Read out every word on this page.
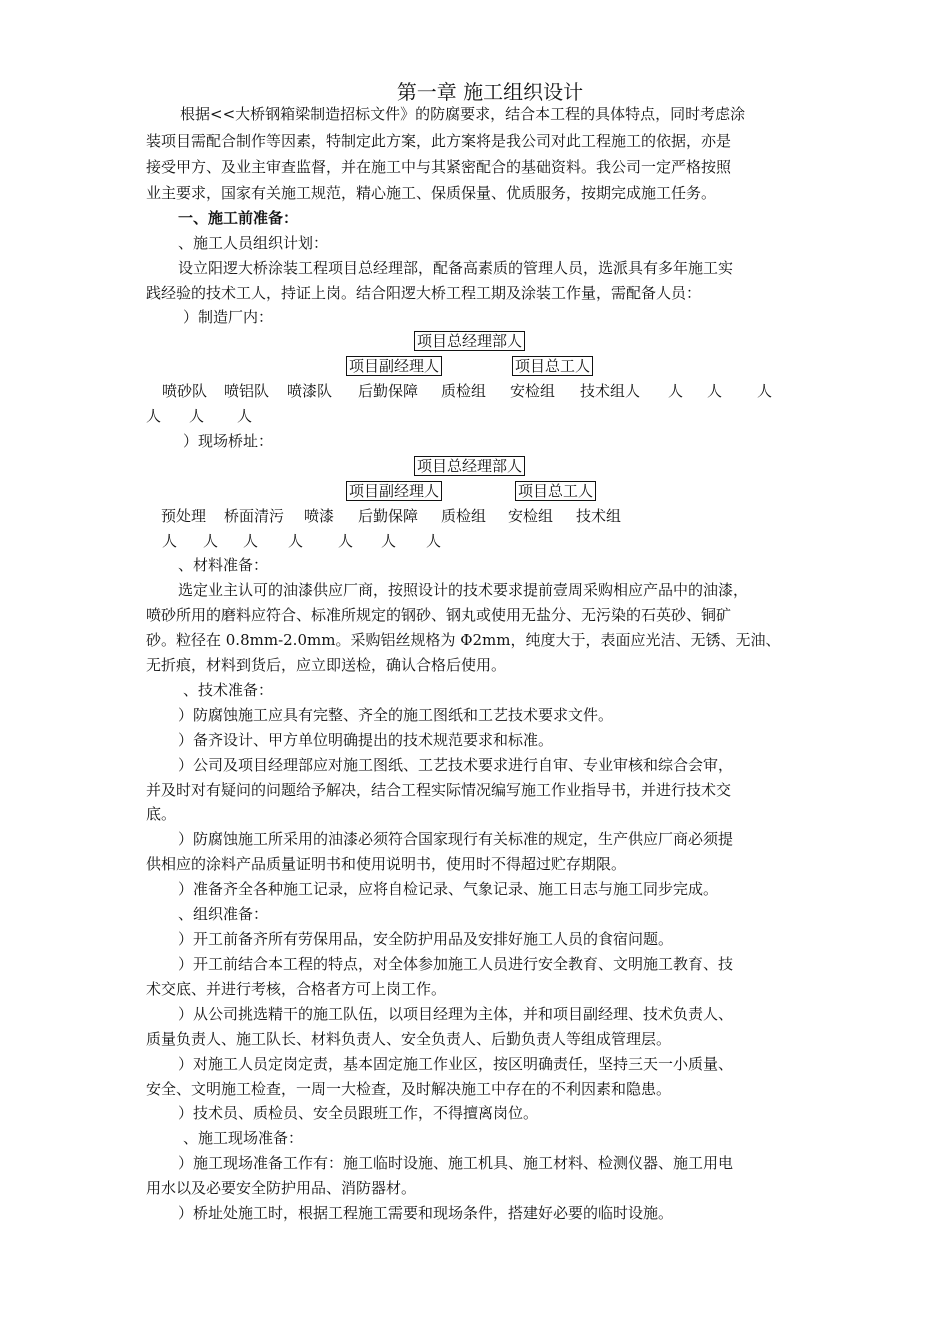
第一章 施工组织设计
根据<<大桥钢箱梁制造招标文件》的防腐要求，结合本工程的具体特点，同时考虑涂
装项目需配合制作等因素，特制定此方案，此方案将是我公司对此工程施工的依据，亦是
接受甲方、及业主审查监督，并在施工中与其紧密配合的基础资料。我公司一定严格按照
业主要求，国家有关施工规范，精心施工、保质保量、优质服务，按期完成施工任务。
一、施工前准备：
、施工人员组织计划：
设立阳逻大桥涂装工程项目总经理部，配备高素质的管理人员，选派具有多年施工实
践经验的技术工人，持证上岗。结合阳逻大桥工程工期及涂装工作量，需配备人员：
）制造厂内：
项目总经理部人
项目副经理人	项目总工人
喷砂队 喷铝队 喷漆队 后勤保障 质检组 安检组 技术组人 人 人 人
人 人 人
）现场桥址：
项目总经理部人
项目副经理人	项目总工人
预处理 桥面清污 喷漆 后勤保障 质检组 安检组 技术组
人 人 人 人 人 人 人
、材料准备：
选定业主认可的油漆供应厂商，按照设计的技术要求提前壹周采购相应产品中的油漆，
喷砂所用的磨料应符合、标准所规定的钢砂、钢丸或使用无盐分、无污染的石英砂、铜矿
砂。粒径在 0.8mm-2.0mm。采购铝丝规格为 Φ2mm，纯度大于，表面应光洁、无锈、无油、
无折痕，材料到货后，应立即送检，确认合格后使用。
、技术准备：
）防腐蚀施工应具有完整、齐全的施工图纸和工艺技术要求文件。
）备齐设计、甲方单位明确提出的技术规范要求和标准。
）公司及项目经理部应对施工图纸、工艺技术要求进行自审、专业审核和综合会审，
并及时对有疑问的问题给予解决，结合工程实际情况编写施工作业指导书，并进行技术交
底。
）防腐蚀施工所采用的油漆必须符合国家现行有关标准的规定，生产供应厂商必须提
供相应的涂料产品质量证明书和使用说明书，使用时不得超过贮存期限。
）准备齐全各种施工记录，应将自检记录、气象记录、施工日志与施工同步完成。
、组织准备：
）开工前备齐所有劳保用品，安全防护用品及安排好施工人员的食宿问题。
）开工前结合本工程的特点，对全体参加施工人员进行安全教育、文明施工教育、技
术交底、并进行考核，合格者方可上岗工作。
）从公司挑选精干的施工队伍，以项目经理为主体，并和项目副经理、技术负责人、
质量负责人、施工队长、材料负责人、安全负责人、后勤负责人等组成管理层。
）对施工人员定岗定责，基本固定施工作业区，按区明确责任，坚持三天一小质量、
安全、文明施工检查，一周一大检查，及时解决施工中存在的不利因素和隐患。
）技术员、质检员、安全员跟班工作，不得擅离岗位。
、施工现场准备：
）施工现场准备工作有：施工临时设施、施工机具、施工材料、检测仪器、施工用电
用水以及必要安全防护用品、消防器材。
）桥址处施工时，根据工程施工需要和现场条件，搭建好必要的临时设施。
